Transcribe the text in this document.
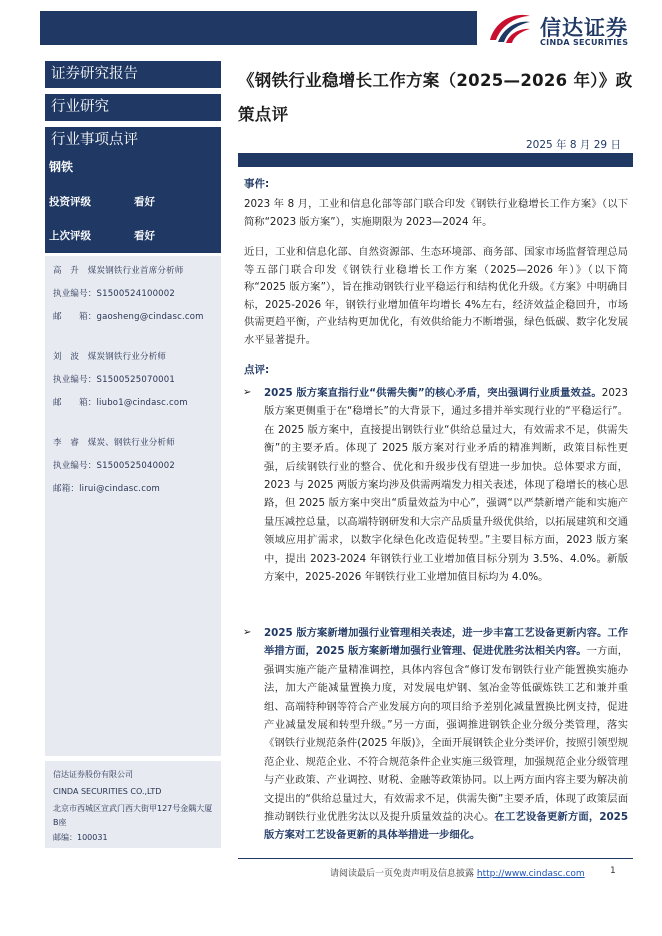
信达证券
CINDA SECURITIES
证券研究报告
行业研究
行业事项点评
钢铁
投资评级	看好
上次评级	看好
高　升　煤炭钢铁行业首席分析师
执业编号：S1500524100002
邮　　箱：gaosheng@cindasc.com
刘　波　煤炭钢铁行业分析师
执业编号：S1500525070001
邮　　箱：liubo1@cindasc.com
李　睿　煤炭、钢铁行业分析师
执业编号：S1500525040002
邮箱：lirui@cindasc.com
信达证券股份有限公司
CINDA SECURITIES CO.,LTD
北京市西城区宣武门西大街甲127号金隅大厦
B座
邮编：100031
《钢铁行业稳增长工作方案（2025—2026 年）》政
策点评
2025 年 8 月 29 日
事件:
2023 年 8 月，工业和信息化部等部门联合印发《钢铁行业稳增长工作方案》（以下简称“2023 版方案”），实施期限为 2023—2024 年。
近日，工业和信息化部、自然资源部、生态环境部、商务部、国家市场监督管理总局等五部门联合印发《钢铁行业稳增长工作方案（2025—2026 年）》（以下简称“2025 版方案”），旨在推动钢铁行业平稳运行和结构优化升级。《方案》中明确目标，2025-2026 年，钢铁行业增加值年均增长 4%左右，经济效益企稳回升，市场供需更趋平衡，产业结构更加优化，有效供给能力不断增强，绿色低碳、数字化发展水平显著提升。
点评:
➢ 2025 版方案直指行业“供需失衡”的核心矛盾，突出强调行业质量效益。2023 版方案更侧重于在“稳增长”的大背景下，通过多措并举实现行业的“平稳运行”。在 2025 版方案中，直接提出钢铁行业“供给总量过大，有效需求不足，供需失衡”的主要矛盾。体现了 2025 版方案对行业矛盾的精准判断，政策目标性更强，后续钢铁行业的整合、优化和升级步伐有望进一步加快。总体要求方面，2023 与 2025 两版方案均涉及供需两端发力相关表述，体现了稳增长的核心思路，但 2025 版方案中突出“质量效益为中心”，强调“以严禁新增产能和实施产量压减控总量，以高端特钢研发和大宗产品质量升级优供给，以拓展建筑和交通领域应用扩需求，以数字化绿色化改造促转型。”主要目标方面，2023 版方案中，提出 2023-2024 年钢铁行业工业增加值目标分别为 3.5%、4.0%。新版方案中，2025-2026 年钢铁行业工业增加值目标均为 4.0%。
➢ 2025 版方案新增加强行业管理相关表述，进一步丰富工艺设备更新内容。工作举措方面，2025 版方案新增加强行业管理、促进优胜劣汰相关内容。一方面，强调实施产能产量精准调控，具体内容包含“修订发布钢铁行业产能置换实施办法，加大产能减量置换力度，对发展电炉钢、氢冶金等低碳炼铁工艺和兼并重组、高端特种钢等符合产业发展方向的项目给予差别化减量置换比例支持，促进产业减量发展和转型升级。”另一方面，强调推进钢铁企业分级分类管理，落实《钢铁行业规范条件(2025 年版)》，全面开展钢铁企业分类评价，按照引领型规范企业、规范企业、不符合规范条件企业实施三级管理，加强规范企业分级管理与产业政策、产业调控、财税、金融等政策协同。以上两方面内容主要为解决前文提出的“供给总量过大，有效需求不足，供需失衡”主要矛盾，体现了政策层面推动钢铁行业优胜劣汰以及提升质量效益的决心。在工艺设备更新方面，2025 版方案对工艺设备更新的具体举措进一步细化。
请阅读最后一页免责声明及信息披露 http://www.cindasc.com	1
